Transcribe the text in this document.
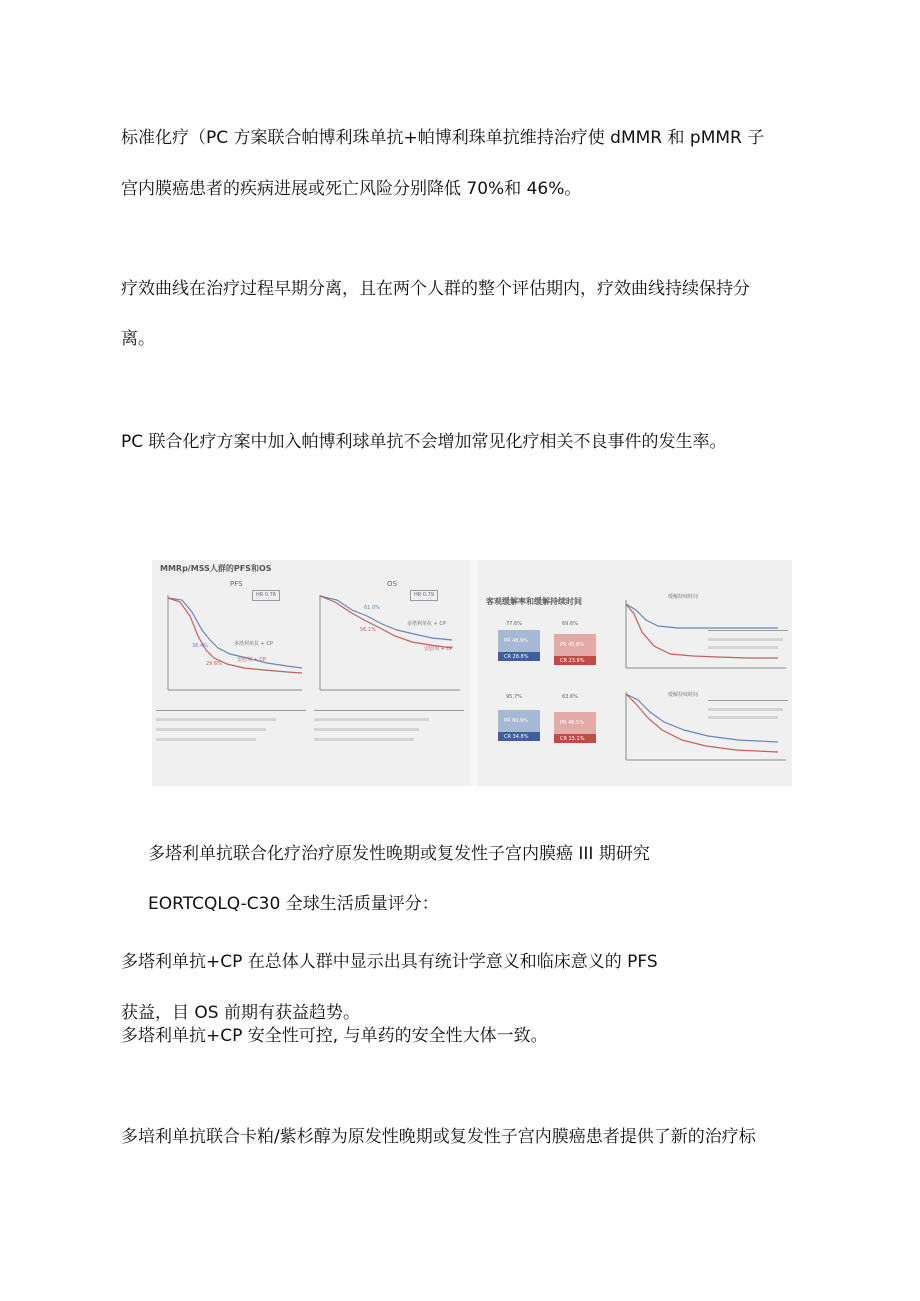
标准化疗（PC 方案联合帕博利珠单抗+帕博利珠单抗维持治疗使 dMMR 和 pMMR 子

宫内膜癌患者的疾病进展或死亡风险分别降低 70%和 46%。

疗效曲线在治疗过程早期分离，且在两个人群的整个评估期内，疗效曲线持续保持分

离。

PC 联合化疗方案中加入帕博利球单抗不会增加常见化疗相关不良事件的发生率。

MMRp/MSS人群的PFS和OS
PFS	OS
HR 0.76	HR 0.79
多塔利单抗 + CP
安慰剂 + CP
多塔利单抗 + CP
安慰剂 + CP
38.4%
29.6%
61.0%
56.1%
客观缓解率和缓解持续时间
77.6%	69.6%
PR 48.9%
CR 28.8%
PR 45.8%
CR 23.9%
95.7%	63.6%
PR 60.9%
CR 34.8%
PR 48.5%
CR 15.1%
缓解持续时间
缓解持续时间

多塔利单抗联合化疗治疗原发性晚期或复发性子宫内膜癌 III 期研究

EORTCQLQ-C30 全球生活质量评分：

多塔利单抗+CP 在总体人群中显示出具有统计学意义和临床意义的 PFS

获益，目 OS 前期有获益趋势。

多塔利单抗+CP 安全性可控, 与单药的安全性大体一致。

多培利单抗联合卡粕/紫杉醇为原发性晚期或复发性子宫内膜癌患者提供了新的治疗标
